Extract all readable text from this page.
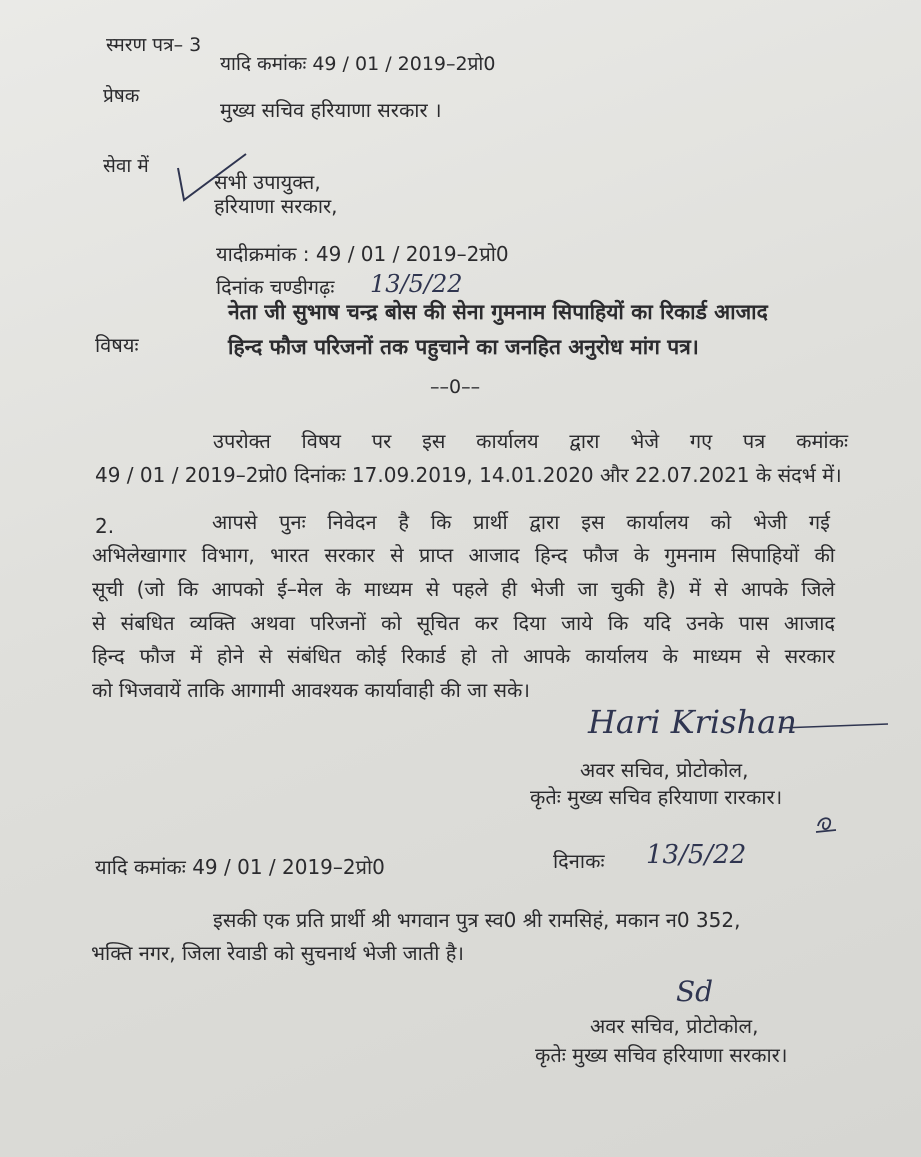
स्मरण पत्र– 3
यादि कमांकः 49 / 01 / 2019–2प्रो0
प्रेषक
मुख्य सचिव हरियाणा सरकार ।
सेवा में
सभी उपायुक्त,
हरियाणा सरकार,
यादीक्रमांक : 49 / 01 / 2019–2प्रो0
दिनांक चण्डीगढ़ः 13/5/22
विषयः
नेता जी सुभाष चन्द्र बोस की सेना गुमनाम सिपाहियों का रिकार्ड आजाद
हिन्द फौज परिजनों तक पहुचाने का जनहित अनुरोध मांग पत्र।
––0––
उपरोक्त विषय पर इस कार्यालय द्वारा भेजे गए पत्र कमांकः
49 / 01 / 2019–2प्रो0 दिनांकः 17.09.2019, 14.01.2020 और 22.07.2021 के संदर्भ में।
2.	आपसे पुनः निवेदन है कि प्रार्थी द्वारा इस कार्यालय को भेजी गई
अभिलेखागार विभाग, भारत सरकार से प्राप्त आजाद हिन्द फौज के गुमनाम सिपाहियों की
सूची (जो कि आपको ई–मेल के माध्यम से पहले ही भेजी जा चुकी है) में से आपके जिले
से संबधित व्यक्ति अथवा परिजनों को सूचित कर दिया जाये कि यदि उनके पास आजाद
हिन्द फौज में होने से संबंधित कोई रिकार्ड हो तो आपके कार्यालय के माध्यम से सरकार
को भिजवायें ताकि आगामी आवश्यक कार्यावाही की जा सके।
Hari Krishan
अवर सचिव, प्रोटोकोल,
कृतेः मुख्य सचिव हरियाणा रारकार।
यादि कमांकः 49 / 01 / 2019–2प्रो0	दिनाकः 13/5/22
इसकी एक प्रति प्रार्थी श्री भगवान पुत्र स्व0 श्री रामसिहं, मकान न0 352,
भक्ति नगर, जिला रेवाडी को सुचनार्थ भेजी जाती है।
Sd
अवर सचिव, प्रोटोकोल,
कृतेः मुख्य सचिव हरियाणा सरकार।
